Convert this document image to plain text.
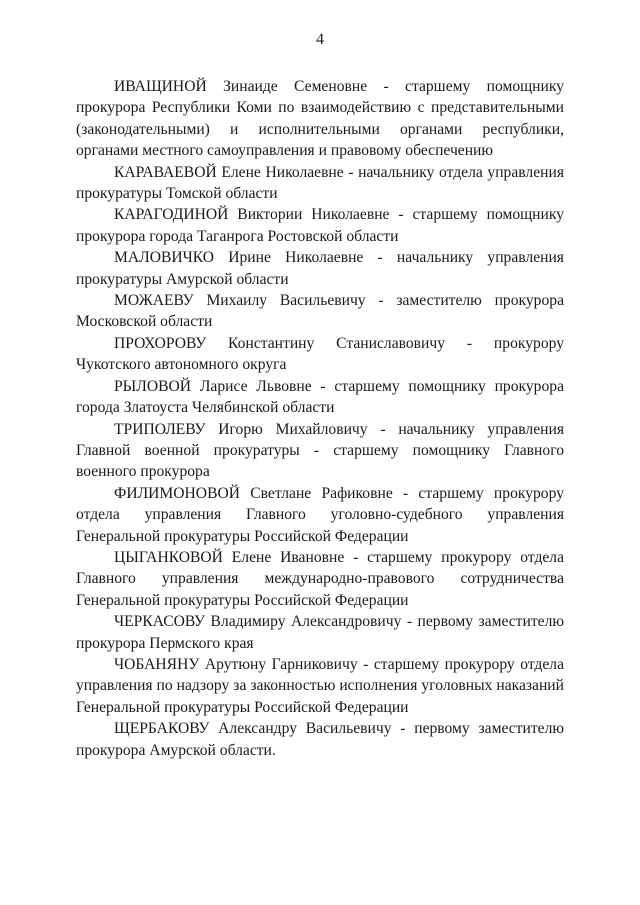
4

ИВАЩИНОЙ Зинаиде Семеновне - старшему помощнику прокурора Республики Коми по взаимодействию с представительными (законодательными) и исполнительными органами республики, органами местного самоуправления и правовому обеспечению

КАРАВАЕВОЙ Елене Николаевне - начальнику отдела управления прокуратуры Томской области

КАРАГОДИНОЙ Виктории Николаевне - старшему помощнику прокурора города Таганрога Ростовской области

МАЛОВИЧКО Ирине Николаевне - начальнику управления прокуратуры Амурской области

МОЖАЕВУ Михаилу Васильевичу - заместителю прокурора Московской области

ПРОХОРОВУ Константину Станиславовичу - прокурору Чукотского автономного округа

РЫЛОВОЙ Ларисе Львовне - старшему помощнику прокурора города Златоуста Челябинской области

ТРИПОЛЕВУ Игорю Михайловичу - начальнику управления Главной военной прокуратуры - старшему помощнику Главного военного прокурора

ФИЛИМОНОВОЙ Светлане Рафиковне - старшему прокурору отдела управления Главного уголовно-судебного управления Генеральной прокуратуры Российской Федерации

ЦЫГАНКОВОЙ Елене Ивановне - старшему прокурору отдела Главного управления международно-правового сотрудничества Генеральной прокуратуры Российской Федерации

ЧЕРКАСОВУ Владимиру Александровичу - первому заместителю прокурора Пермского края

ЧОБАНЯНУ Арутюну Гарниковичу - старшему прокурору отдела управления по надзору за законностью исполнения уголовных наказаний Генеральной прокуратуры Российской Федерации

ЩЕРБАКОВУ Александру Васильевичу - первому заместителю прокурора Амурской области.
